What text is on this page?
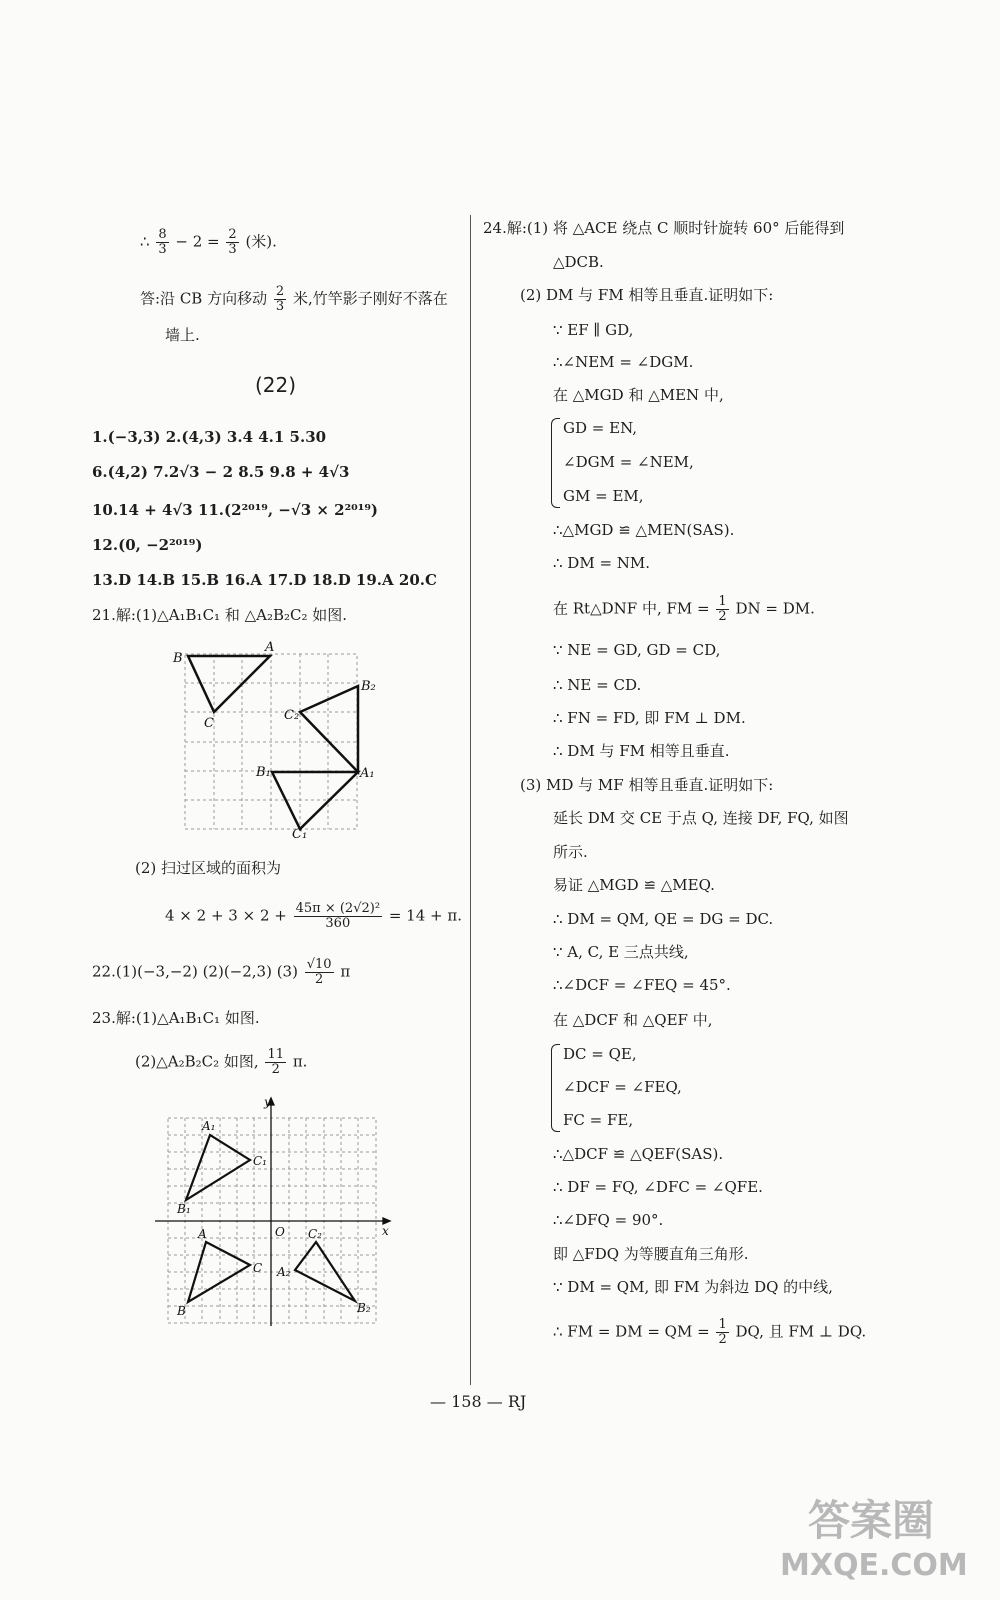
∴ $\frac{8}{3} - 2 = \frac{2}{3}$ (米).
答:沿 CB 方向移动 $\frac{2}{3}$ 米,竹竿影子刚好不落在
墙上.
(22)
1.(−3,3) 2.(4,3) 3.4 4.1 5.30
6.(4,2) 7.2√3 − 2 8.5 9.8 + 4√3
10.14 + 4√3 11.(2²⁰¹⁹, −√3 × 2²⁰¹⁹)
12.(0, −2²⁰¹⁹)
13.D 14.B 15.B 16.A 17.D 18.D 19.A 20.C
21.解:(1)△A₁B₁C₁ 和 △A₂B₂C₂ 如图.
B
A
C
B₂
C₂
B₁	A₁
C₁
(2) 扫过区域的面积为
$4 \times 2 + 3 \times 2 + \frac{\text{45π × (2√2)²}}{360} = 14 + \pi$.
22.(1)(−3,−2) (2)(−2,3) $(3) \frac{√10}{2}$ π
23.解:(1)△A₁B₁C₁ 如图.
(2)△A₂B₂C₂ 如图, $\frac{11}{2} \pi$.
y
x
O
A₁
C₁
B₁
A
C
B
C₂
A₂
B₂
24.解:(1) 将 △ACE 绕点 C 顺时针旋转 60° 后能得到
△DCB.
(2) DM 与 FM 相等且垂直.证明如下:
∵ EF ∥ GD,
∴∠NEM = ∠DGM.
在 △MGD 和 △MEN 中,
GD = EN,
∠DGM = ∠NEM,
GM = EM,
∴△MGD ≌ △MEN(SAS).
∴ DM = NM.
在 Rt△DNF 中, FM = $\frac{1}{2}$ DN = DM.
∵ NE = GD, GD = CD,
∴ NE = CD.
∴ FN = FD, 即 FM ⊥ DM.
∴ DM 与 FM 相等且垂直.
(3) MD 与 MF 相等且垂直.证明如下:
延长 DM 交 CE 于点 Q, 连接 DF, FQ, 如图
所示.
易证 △MGD ≌ △MEQ.
∴ DM = QM, QE = DG = DC.
∵ A, C, E 三点共线,
∴∠DCF = ∠FEQ = 45°.
在 △DCF 和 △QEF 中,
DC = QE,
∠DCF = ∠FEQ,
FC = FE,
∴△DCF ≌ △QEF(SAS).
∴ DF = FQ, ∠DFC = ∠QFE.
∴∠DFQ = 90°.
即 △FDQ 为等腰直角三角形.
∵ DM = QM, 即 FM 为斜边 DQ 的中线,
∴ FM = DM = QM = $\frac{1}{2}$ DQ, 且 FM ⊥ DQ.
— 158 — RJ
答案圈
MXQE.COM
